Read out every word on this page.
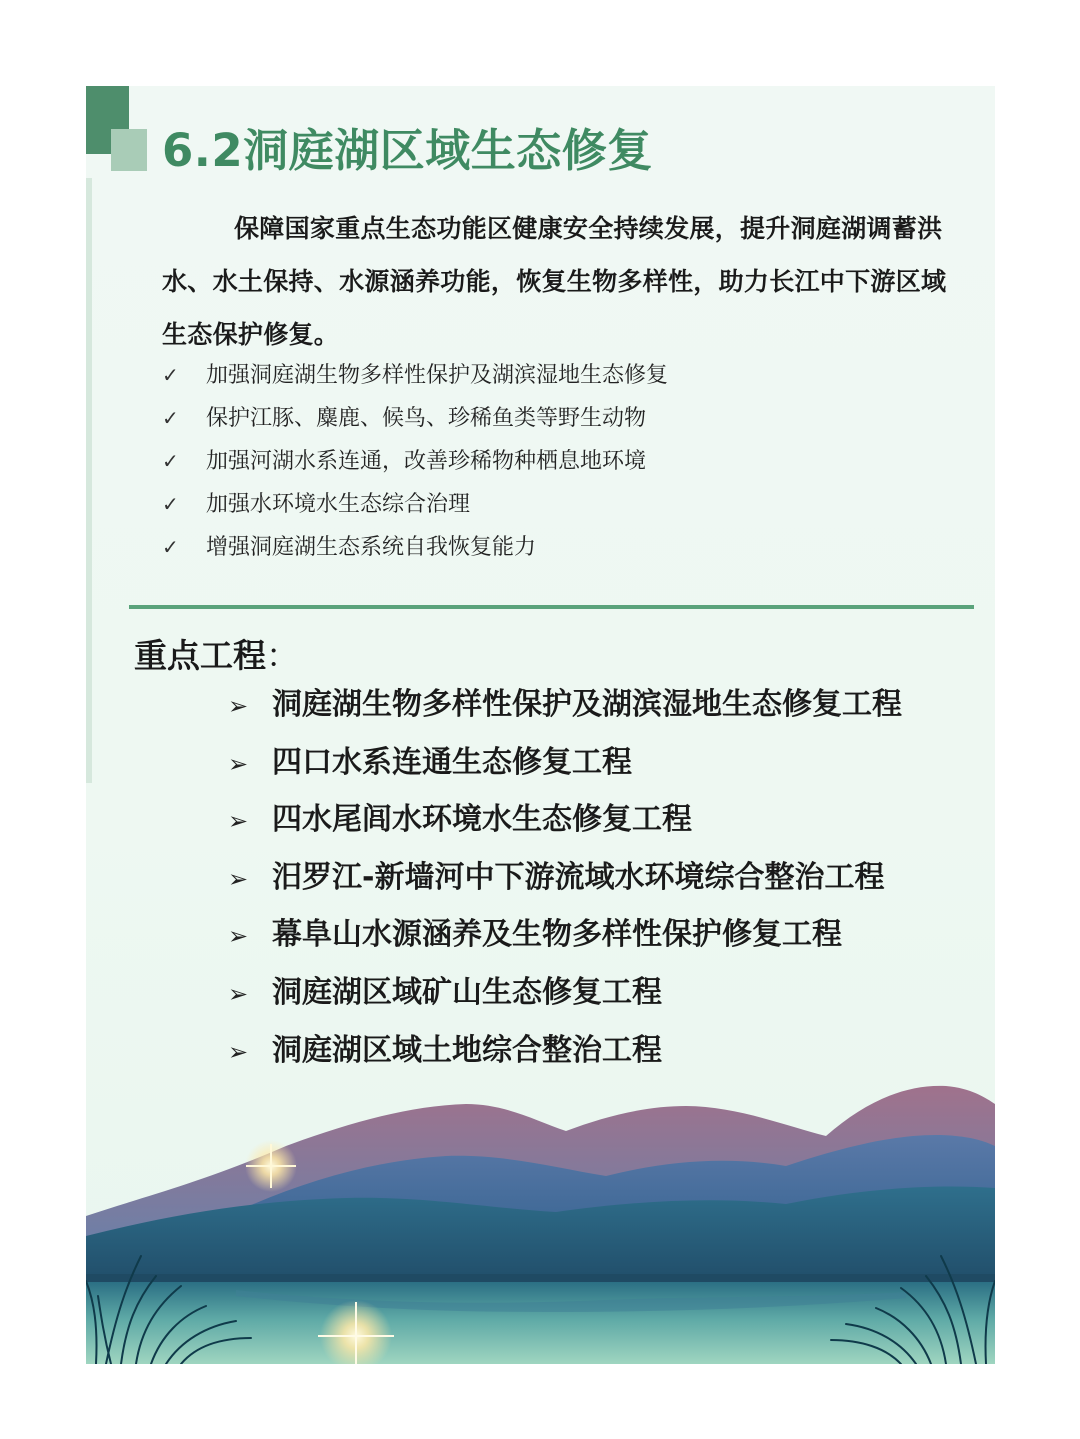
6.2洞庭湖区域生态修复

保障国家重点生态功能区健康安全持续发展，提升洞庭湖调蓄洪水、水土保持、水源涵养功能，恢复生物多样性，助力长江中下游区域生态保护修复。

✓ 加强洞庭湖生物多样性保护及湖滨湿地生态修复
✓ 保护江豚、麋鹿、候鸟、珍稀鱼类等野生动物
✓ 加强河湖水系连通，改善珍稀物种栖息地环境
✓ 加强水环境水生态综合治理
✓ 增强洞庭湖生态系统自我恢复能力
重点工程：
➢ 洞庭湖生物多样性保护及湖滨湿地生态修复工程
➢ 四口水系连通生态修复工程
➢ 四水尾闾水环境水生态修复工程
➢ 汨罗江-新墙河中下游流域水环境综合整治工程
➢ 幕阜山水源涵养及生物多样性保护修复工程
➢ 洞庭湖区域矿山生态修复工程
➢ 洞庭湖区域土地综合整治工程
